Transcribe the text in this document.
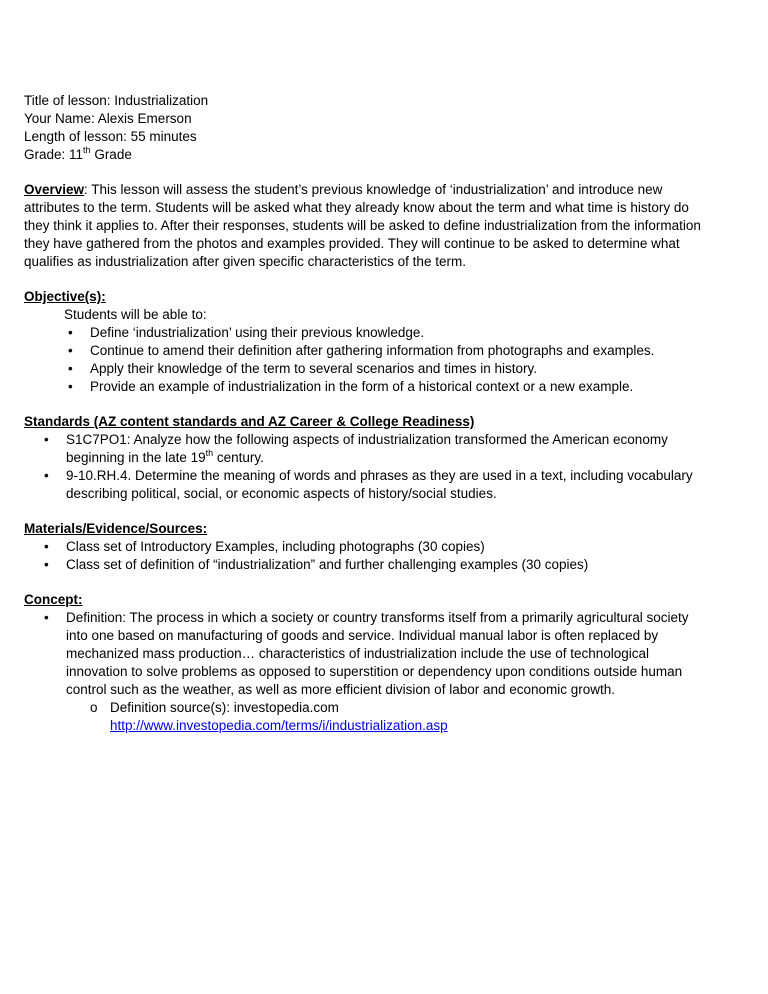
Title of lesson: Industrialization
Your Name: Alexis Emerson
Length of lesson: 55 minutes
Grade: 11th Grade
Overview: This lesson will assess the student’s previous knowledge of ‘industrialization’ and introduce new attributes to the term. Students will be asked what they already know about the term and what time is history do they think it applies to. After their responses, students will be asked to define industrialization from the information they have gathered from the photos and examples provided. They will continue to be asked to determine what qualifies as industrialization after given specific characteristics of the term.
Objective(s):
Students will be able to:
•	Define ‘industrialization’ using their previous knowledge.
•	Continue to amend their definition after gathering information from photographs and examples.
•	Apply their knowledge of the term to several scenarios and times in history.
•	Provide an example of industrialization in the form of a historical context or a new example.
Standards (AZ content standards and AZ Career & College Readiness)
•	S1C7PO1: Analyze how the following aspects of industrialization transformed the American economy beginning in the late 19th century.
•	9-10.RH.4. Determine the meaning of words and phrases as they are used in a text, including vocabulary describing political, social, or economic aspects of history/social studies.
Materials/Evidence/Sources:
•	Class set of Introductory Examples, including photographs (30 copies)
•	Class set of definition of “industrialization” and further challenging examples (30 copies)
Concept:
•	Definition: The process in which a society or country transforms itself from a primarily agricultural society into one based on manufacturing of goods and service. Individual manual labor is often replaced by mechanized mass production… characteristics of industrialization include the use of technological innovation to solve problems as opposed to superstition or dependency upon conditions outside human control such as the weather, as well as more efficient division of labor and economic growth.
o Definition source(s): investopedia.com
http://www.investopedia.com/terms/i/industrialization.asp
